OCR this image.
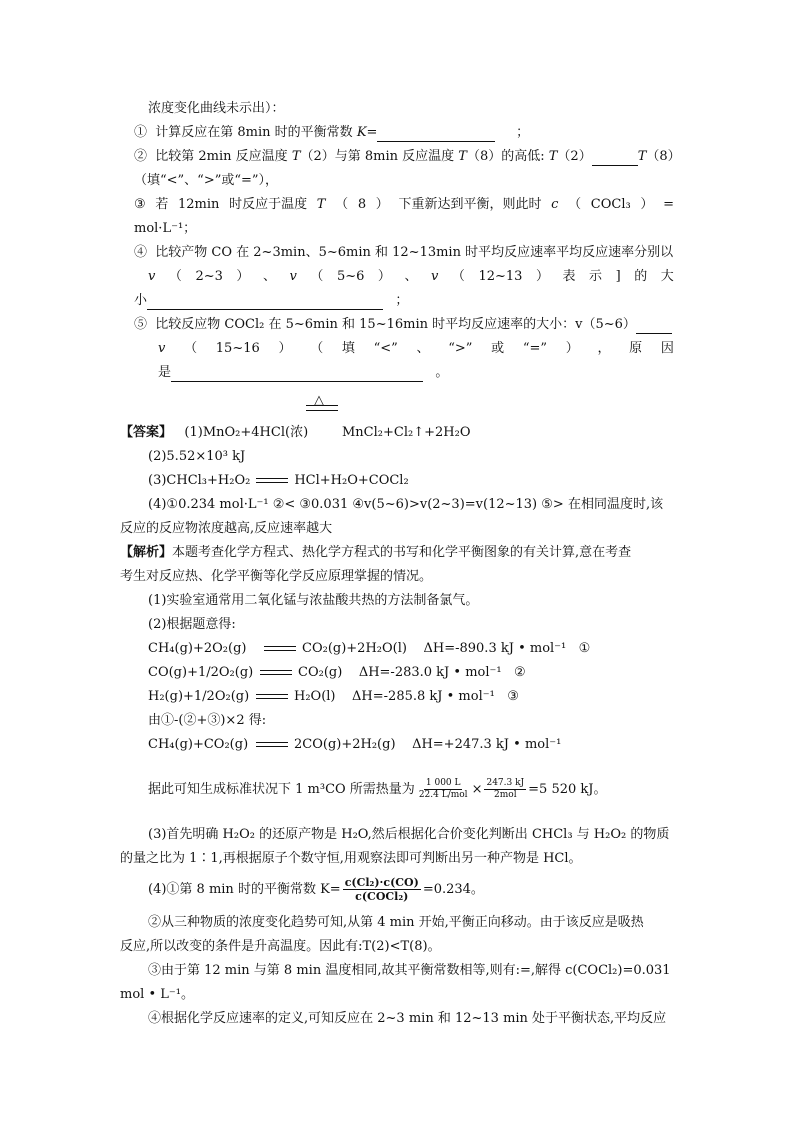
浓度变化曲线未示出）：
① 计算反应在第 8min 时的平衡常数 K=	；
② 比较第 2min 反应温度 T（2）与第 8min 反应温度 T（8）的高低: T（2）	T（8）
（填“<”、“>”或“=”），
③ 若 12min 时反应于温度 T （ 8 ） 下重新达到平衡，则此时 c （ COCl₃ ） =
mol·L⁻¹；
④ 比较产物 CO 在 2~3min、5~6min 和 12~13min 时平均反应速率平均反应速率分别以
v （ 2~3 ） 、 v （ 5~6 ） 、 v （ 12~13 ） 表 示 ] 的 大
小	；
⑤ 比较反应物 COCl₂ 在 5~6min 和 15~16min 时平均反应速率的大小：v（5~6）
v （ 15~16 ） （ 填 “<” 、 “>” 或 “=” ） ， 原 因
是	。
△
【答案】 (1)MnO₂+4HCl(浓)	MnCl₂+Cl₂↑+2H₂O
(2)5.52×10³ kJ
(3)CHCl₃+H₂O₂	HCl+H₂O+COCl₂
(4)①0.234 mol·L⁻¹ ②< ③0.031 ④v(5~6)>v(2~3)=v(12~13) ⑤> 在相同温度时,该
反应的反应物浓度越高,反应速率越大
【解析】本题考查化学方程式、热化学方程式的书写和化学平衡图象的有关计算,意在考查
考生对反应热、化学平衡等化学反应原理掌握的情况。
(1)实验室通常用二氧化锰与浓盐酸共热的方法制备氯气。
(2)根据题意得:
CH₄(g)+2O₂(g)	CO₂(g)+2H₂O(l) ΔH=-890.3 kJ • mol⁻¹ ①
CO(g)+1/2O₂(g)	CO₂(g) ΔH=-283.0 kJ • mol⁻¹ ②
H₂(g)+1/2O₂(g)	H₂O(l) ΔH=-285.8 kJ • mol⁻¹ ③
由①-(②+③)×2 得:
CH₄(g)+CO₂(g)	2CO(g)+2H₂(g) ΔH=+247.3 kJ • mol⁻¹
据此可知生成标准状况下 1 m³CO 所需热量为 $\frac{1 000 L}{\text{22.4 L/mol}} \times \frac{247.3 kJ}{\text{2mol}} =5$ 520 kJ。
(3)首先明确 H₂O₂ 的还原产物是 H₂O,然后根据化合价变化判断出 CHCl₃ 与 H₂O₂ 的物质
的量之比为 1∶1,再根据原子个数守恒,用观察法即可判断出另一种产物是 HCl。
(4)①第 8 min 时的平衡常数 $K= \frac{\text{c(Cl₂)·c(CO)}}{\text{c(COCl₂)}} =0.234$。
②从三种物质的浓度变化趋势可知,从第 4 min 开始,平衡正向移动。由于该反应是吸热
反应,所以改变的条件是升高温度。因此有:T(2)<T(8)。
③由于第 12 min 与第 8 min 温度相同,故其平衡常数相等,则有:=,解得 c(COCl₂)=0.031
mol • L⁻¹。
④根据化学反应速率的定义,可知反应在 2~3 min 和 12~13 min 处于平衡状态,平均反应
